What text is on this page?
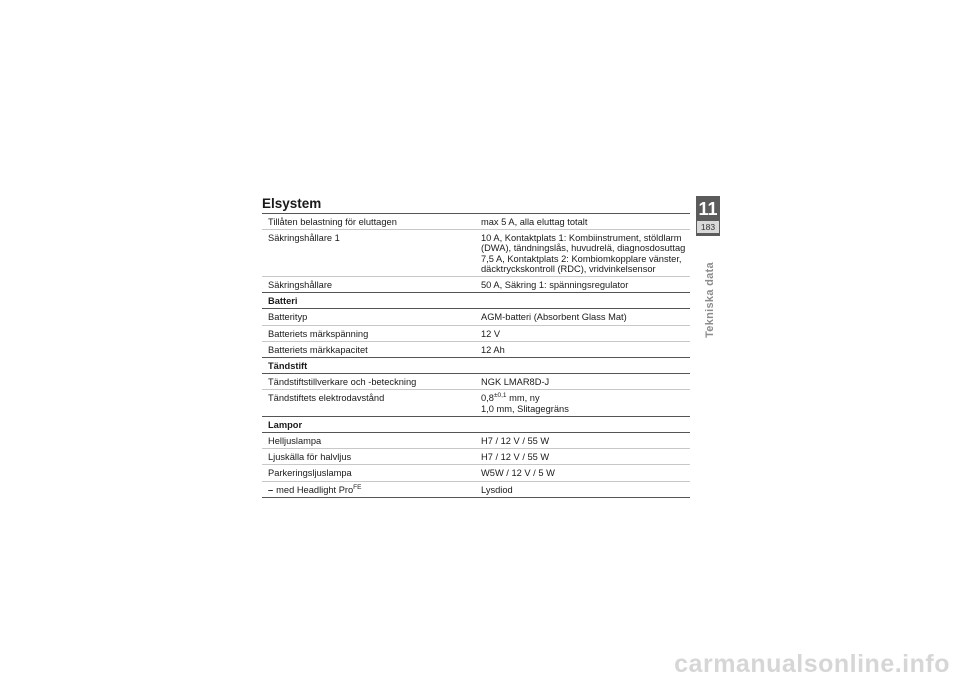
Elsystem
Tillåten belastning för eluttagen	max 5 A, alla eluttag totalt
Säkringshållare 1	10 A, Kontaktplats 1: Kombiinstrument, stöldlarm
(DWA), tändningslås, huvudrelä, diagnosdosuttag
7,5 A, Kontaktplats 2: Kombiomkopplare vänster,
däcktryckskontroll (RDC), vridvinkelsensor
Säkringshållare	50 A, Säkring 1: spänningsregulator
Batteri
Batterityp	AGM-batteri (Absorbent Glass Mat)
Batteriets märkspänning	12 V
Batteriets märkkapacitet	12 Ah
Tändstift
Tändstiftstillverkare och -beteckning	NGK LMAR8D-J
Tändstiftets elektrodavstånd	$0,8^{\pm 0,1}$ mm, ny
1,0 mm, Slitagegräns
Lampor
Helljuslampa	H7 / 12 V / 55 W
Ljuskälla för halvljus	H7 / 12 V / 55 W
Parkeringsljuslampa	W5W / 12 V / 5 W
– med Headlight Pro$^{FE}$	Lysdiod
11
183
Tekniska data
carmanualsonline.info
